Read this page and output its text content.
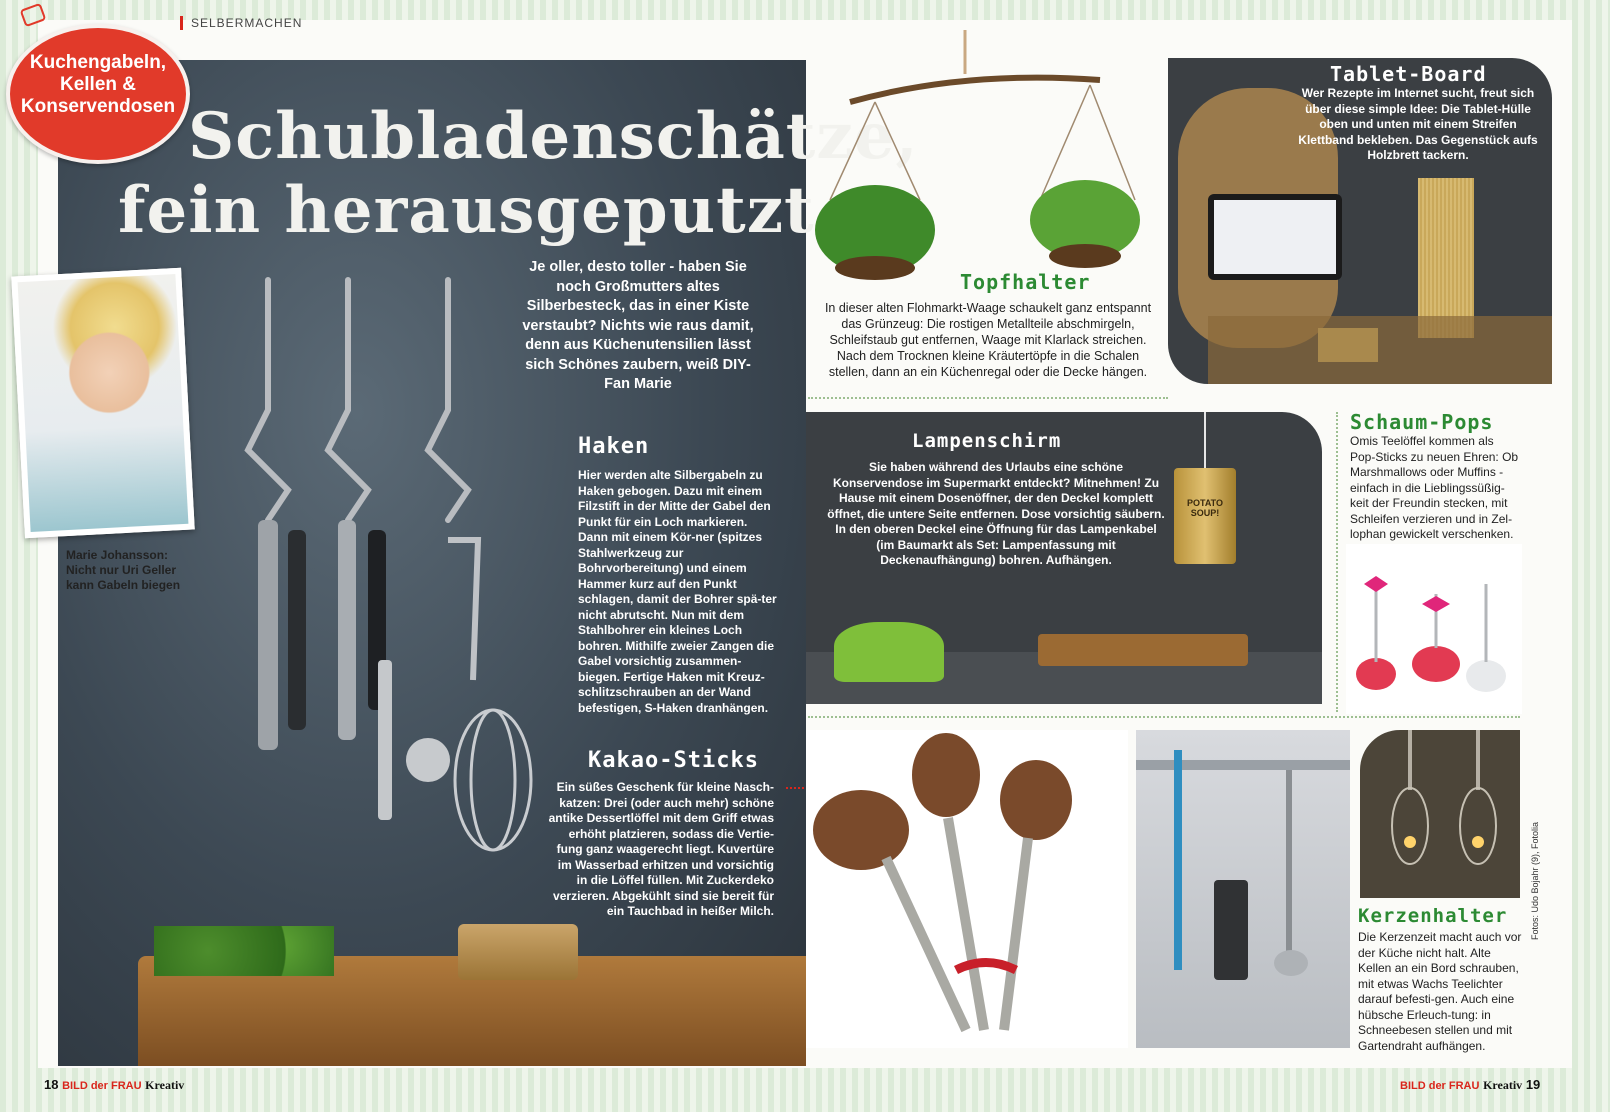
SELBERMACHEN
Schubladenschätze,
fein herausgeputzt
Je oller, desto toller - haben Sie noch Großmutters altes Silberbesteck, das in einer Kiste verstaubt? Nichts wie raus damit, denn aus Küchenutensilien lässt sich Schönes zaubern, weiß DIY-Fan Marie
Haken
Hier werden alte Silbergabeln zu Haken gebogen. Dazu mit einem Filzstift in der Mitte der Gabel den Punkt für ein Loch markieren. Dann mit einem Kör-ner (spitzes Stahlwerkzeug zur Bohrvorbereitung) und einem Hammer kurz auf den Punkt schlagen, damit der Bohrer spä-ter nicht abrutscht. Nun mit dem Stahlbohrer ein kleines Loch bohren. Mithilfe zweier Zangen die Gabel vorsichtig zusammen-biegen. Fertige Haken mit Kreuz-schlitzschrauben an der Wand befestigen, S-Haken dranhängen.
Kakao-Sticks
Ein süßes Geschenk für kleine Nasch-katzen: Drei (oder auch mehr) schöne antike Dessertlöffel mit dem Griff etwas erhöht platzieren, sodass die Vertie-fung ganz waagerecht liegt. Kuvertüre im Wasserbad erhitzen und vorsichtig in die Löffel füllen. Mit Zuckerdeko verzieren. Abgekühlt sind sie bereit für ein Tauchbad in heißer Milch.
Kuchengabeln,
Kellen &
Konservendosen
Marie Johansson: Nicht nur Uri Geller kann Gabeln biegen
Topfhalter
In dieser alten Flohmarkt-Waage schaukelt ganz entspannt das Grünzeug: Die rostigen Metallteile abschmirgeln, Schleifstaub gut entfernen, Waage mit Klarlack streichen. Nach dem Trocknen kleine Kräutertöpfe in die Schalen stellen, dann an ein Küchenregal oder die Decke hängen.
Tablet-Board
Wer Rezepte im Internet sucht, freut sich über diese simple Idee: Die Tablet-Hülle oben und unten mit einem Streifen Klettband bekleben. Das Gegenstück aufs Holzbrett tackern.
POTATO SOUP!
Lampenschirm
Sie haben während des Urlaubs eine schöne Konservendose im Supermarkt entdeckt? Mitnehmen! Zu Hause mit einem Dosenöffner, der den Deckel komplett öffnet, die untere Seite entfernen. Dose vorsichtig säubern. In den oberen Deckel eine Öffnung für das Lampenkabel (im Baumarkt als Set: Lampenfassung mit Deckenaufhängung) bohren. Aufhängen.
Schaum-Pops
Omis Teelöffel kommen als Pop-Sticks zu neuen Ehren: Ob Marshmallows oder Muffins - einfach in die Lieblingssüßig-keit der Freundin stecken, mit Schleifen verzieren und in Zel-lophan gewickelt verschenken.
Kerzenhalter
Die Kerzenzeit macht auch vor der Küche nicht halt. Alte Kellen an ein Bord schrauben, mit etwas Wachs Teelichter darauf befesti-gen. Auch eine hübsche Erleuch-tung: in Schneebesen stellen und mit Gartendraht aufhängen.
Fotos: Udo Bojahr (9), Fotolia
18 BILD der FRAU Kreativ	BILD der FRAU Kreativ 19
